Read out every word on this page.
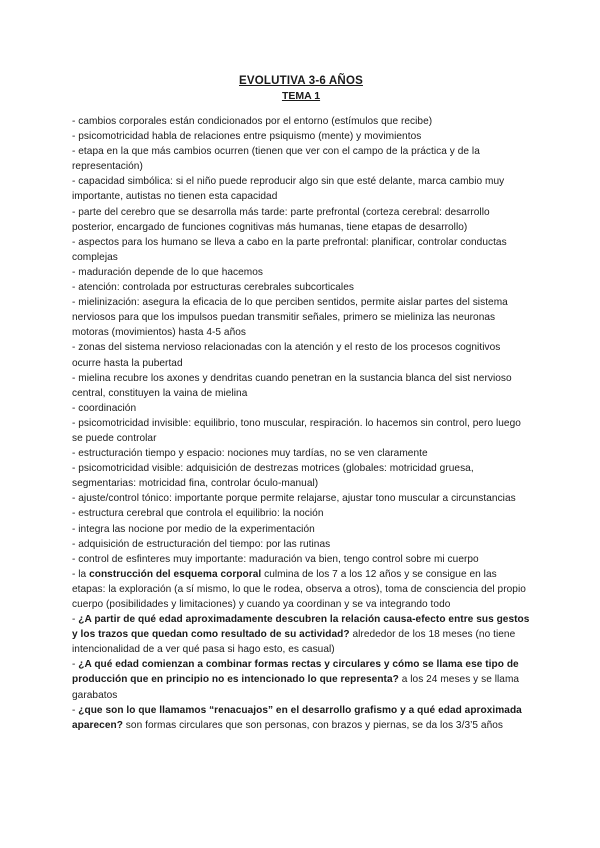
EVOLUTIVA 3-6 AÑOS
TEMA 1

- cambios corporales están condicionados por el entorno (estímulos que recibe)

- psicomotricidad habla de relaciones entre psiquismo (mente) y movimientos

- etapa en la que más cambios ocurren (tienen que ver con el campo de la práctica y de la representación)

- capacidad simbólica: si el niño puede reproducir algo sin que esté delante, marca cambio muy importante, autistas no tienen esta capacidad

- parte del cerebro que se desarrolla más tarde: parte prefrontal (corteza cerebral: desarrollo posterior, encargado de funciones cognitivas más humanas, tiene etapas de desarrollo)

- aspectos para los humano se lleva a cabo en la parte prefrontal: planificar, controlar conductas complejas

- maduración depende de lo que hacemos

- atención: controlada por estructuras cerebrales subcorticales

- mielinización: asegura la eficacia de lo que perciben sentidos, permite aislar partes del sistema nerviosos para que los impulsos puedan transmitir señales, primero se mieliniza las neuronas motoras (movimientos) hasta 4-5 años

- zonas del sistema nervioso relacionadas con la atención y el resto de los procesos cognitivos ocurre hasta la pubertad

- mielina recubre los axones y dendritas cuando penetran en la sustancia blanca del sist nervioso central, constituyen la vaina de mielina

- coordinación

- psicomotricidad invisible: equilibrio, tono muscular, respiración. lo hacemos sin control, pero luego se puede controlar

- estructuración tiempo y espacio: nociones muy tardías, no se ven claramente

- psicomotricidad visible: adquisición de destrezas motrices (globales: motricidad gruesa, segmentarias: motricidad fina, controlar óculo-manual)

- ajuste/control tónico: importante porque permite relajarse, ajustar tono muscular a circunstancias

- estructura cerebral que controla el equilibrio: la noción

- integra las nocione por medio de la experimentación

- adquisición de estructuración del tiempo: por las rutinas

- control de esfinteres muy importante: maduración va bien, tengo control sobre mi cuerpo

- la construcción del esquema corporal culmina de los 7 a los 12 años y se consigue en las etapas: la exploración (a sí mismo, lo que le rodea, observa a otros), toma de consciencia del propio cuerpo (posibilidades y limitaciones) y cuando ya coordinan y se va integrando todo

- ¿A partir de qué edad aproximadamente descubren la relación causa-efecto entre sus gestos y los trazos que quedan como resultado de su actividad? alrededor de los 18 meses (no tiene intencionalidad de a ver qué pasa si hago esto, es casual)

- ¿A qué edad comienzan a combinar formas rectas y circulares y cómo se llama ese tipo de producción que en principio no es intencionado lo que representa? a los 24 meses y se llama garabatos

- ¿que son lo que llamamos “renacuajos” en el desarrollo grafismo y a qué edad aproximada aparecen? son formas circulares que son personas, con brazos y piernas, se da los 3/3’5 años
